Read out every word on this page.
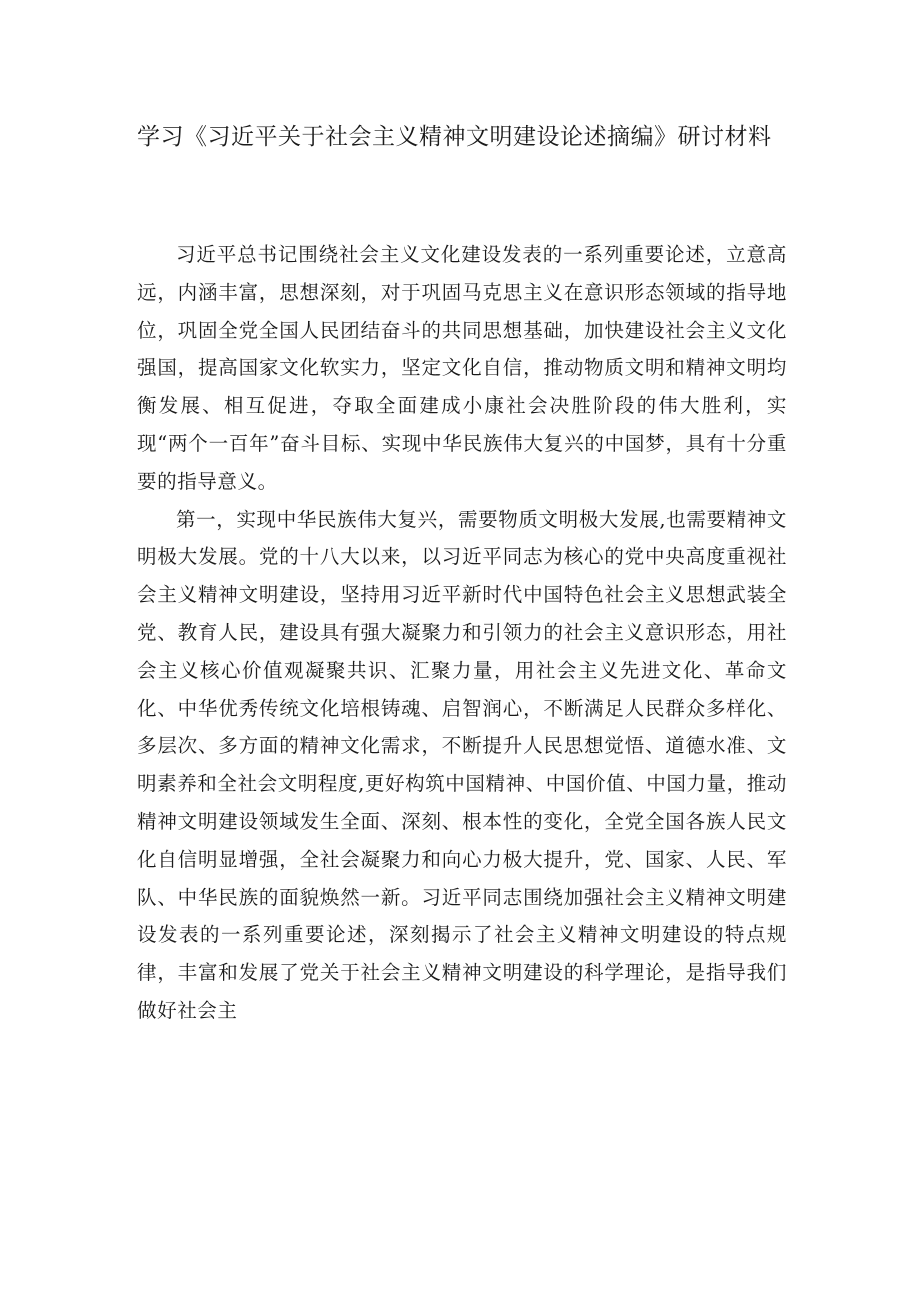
学习《习近平关于社会主义精神文明建设论述摘编》研讨材料

习近平总书记围绕社会主义文化建设发表的一系列重要论述，立意高远，内涵丰富，思想深刻，对于巩固马克思主义在意识形态领域的指导地位，巩固全党全国人民团结奋斗的共同思想基础，加快建设社会主义文化强国，提高国家文化软实力，坚定文化自信，推动物质文明和精神文明均衡发展、相互促进，夺取全面建成小康社会决胜阶段的伟大胜利，实现“两个一百年”奋斗目标、实现中华民族伟大复兴的中国梦，具有十分重要的指导意义。

第一，实现中华民族伟大复兴，需要物质文明极大发展,也需要精神文明极大发展。党的十八大以来，以习近平同志为核心的党中央高度重视社会主义精神文明建设，坚持用习近平新时代中国特色社会主义思想武装全党、教育人民，建设具有强大凝聚力和引领力的社会主义意识形态，用社会主义核心价值观凝聚共识、汇聚力量，用社会主义先进文化、革命文化、中华优秀传统文化培根铸魂、启智润心，不断满足人民群众多样化、多层次、多方面的精神文化需求，不断提升人民思想觉悟、道德水准、文明素养和全社会文明程度,更好构筑中国精神、中国价值、中国力量，推动精神文明建设领域发生全面、深刻、根本性的变化，全党全国各族人民文化自信明显增强，全社会凝聚力和向心力极大提升，党、国家、人民、军队、中华民族的面貌焕然一新。习近平同志围绕加强社会主义精神文明建设发表的一系列重要论述，深刻揭示了社会主义精神文明建设的特点规律，丰富和发展了党关于社会主义精神文明建设的科学理论，是指导我们做好社会主
